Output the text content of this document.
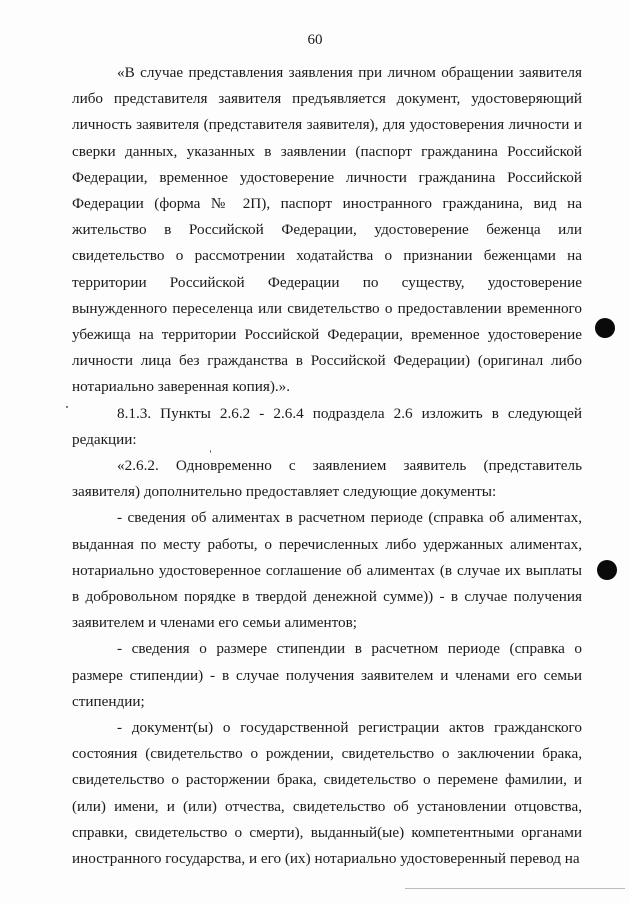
60

«В случае представления заявления при личном обращении заявителя либо представителя заявителя предъявляется документ, удостоверяющий личность заявителя (представителя заявителя), для удостоверения личности и сверки данных, указанных в заявлении (паспорт гражданина Российской Федерации, временное удостоверение личности гражданина Российской Федерации (форма № 2П), паспорт иностранного гражданина, вид на жительство в Российской Федерации, удостоверение беженца или свидетельство о рассмотрении ходатайства о признании беженцами на территории Российской Федерации по существу, удостоверение вынужденного переселенца или свидетельство о предоставлении временного убежища на территории Российской Федерации, временное удостоверение личности лица без гражданства в Российской Федерации) (оригинал либо нотариально заверенная копия).».

8.1.3. Пункты 2.6.2 - 2.6.4 подраздела 2.6 изложить в следующей редакции:

«2.6.2. Одновременно с заявлением заявитель (представитель заявителя) дополнительно предоставляет следующие документы:

- сведения об алиментах в расчетном периоде (справка об алиментах, выданная по месту работы, о перечисленных либо удержанных алиментах, нотариально удостоверенное соглашение об алиментах (в случае их выплаты в добровольном порядке в твердой денежной сумме)) - в случае получения заявителем и членами его семьи алиментов;

- сведения о размере стипендии в расчетном периоде (справка о размере стипендии) - в случае получения заявителем и членами его семьи стипендии;

- документ(ы) о государственной регистрации актов гражданского состояния (свидетельство о рождении, свидетельство о заключении брака, свидетельство о расторжении брака, свидетельство о перемене фамилии, и (или) имени, и (или) отчества, свидетельство об установлении отцовства, справки, свидетельство о смерти), выданный(ые) компетентными органами иностранного государства, и его (их) нотариально удостоверенный перевод на
